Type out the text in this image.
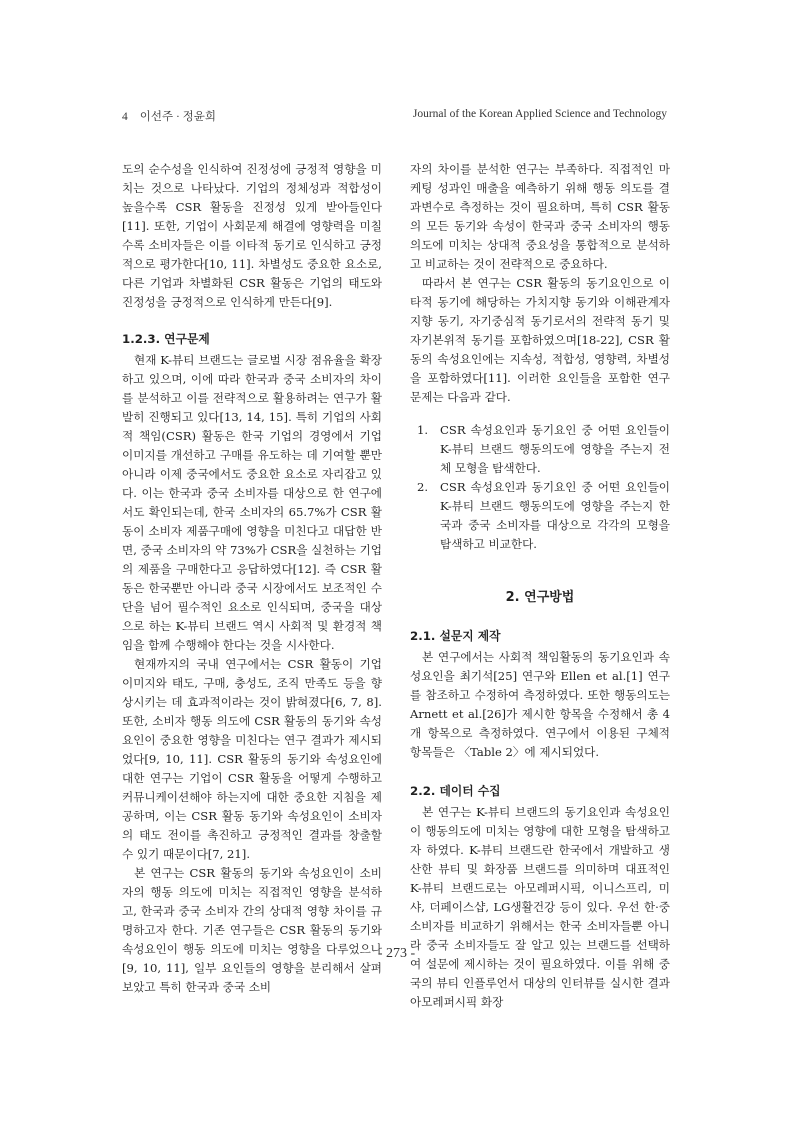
4 이선주 · 정윤희	Journal of the Korean Applied Science and Technology

도의 순수성을 인식하여 진정성에 긍정적 영향을 미치는 것으로 나타났다. 기업의 정체성과 적합성이 높을수록 CSR 활동을 진정성 있게 받아들인다[11]. 또한, 기업이 사회문제 해결에 영향력을 미칠수록 소비자들은 이를 이타적 동기로 인식하고 긍정적으로 평가한다[10, 11]. 차별성도 중요한 요소로, 다른 기업과 차별화된 CSR 활동은 기업의 태도와 진정성을 긍정적으로 인식하게 만든다[9].

1.2.3. 연구문제

현재 K-뷰티 브랜드는 글로벌 시장 점유율을 확장하고 있으며, 이에 따라 한국과 중국 소비자의 차이를 분석하고 이를 전략적으로 활용하려는 연구가 활발히 진행되고 있다[13, 14, 15]. 특히 기업의 사회적 책임(CSR) 활동은 한국 기업의 경영에서 기업 이미지를 개선하고 구매를 유도하는 데 기여할 뿐만 아니라 이제 중국에서도 중요한 요소로 자리잡고 있다. 이는 한국과 중국 소비자를 대상으로 한 연구에서도 확인되는데, 한국 소비자의 65.7%가 CSR 활동이 소비자 제품구매에 영향을 미친다고 대답한 반면, 중국 소비자의 약 73%가 CSR을 실천하는 기업의 제품을 구매한다고 응답하였다[12]. 즉 CSR 활동은 한국뿐만 아니라 중국 시장에서도 보조적인 수단을 넘어 필수적인 요소로 인식되며, 중국을 대상으로 하는 K-뷰티 브랜드 역시 사회적 및 환경적 책임을 함께 수행해야 한다는 것을 시사한다.

현재까지의 국내 연구에서는 CSR 활동이 기업 이미지와 태도, 구매, 충성도, 조직 만족도 등을 향상시키는 데 효과적이라는 것이 밝혀졌다[6, 7, 8]. 또한, 소비자 행동 의도에 CSR 활동의 동기와 속성요인이 중요한 영향을 미친다는 연구 결과가 제시되었다[9, 10, 11]. CSR 활동의 동기와 속성요인에 대한 연구는 기업이 CSR 활동을 어떻게 수행하고 커뮤니케이션해야 하는지에 대한 중요한 지침을 제공하며, 이는 CSR 활동 동기와 속성요인이 소비자의 태도 전이를 촉진하고 긍정적인 결과를 창출할 수 있기 때문이다[7, 21].

본 연구는 CSR 활동의 동기와 속성요인이 소비자의 행동 의도에 미치는 직접적인 영향을 분석하고, 한국과 중국 소비자 간의 상대적 영향 차이를 규명하고자 한다. 기존 연구들은 CSR 활동의 동기와 속성요인이 행동 의도에 미치는 영향을 다루었으나[9, 10, 11], 일부 요인들의 영향을 분리해서 살펴보았고 특히 한국과 중국 소비

자의 차이를 분석한 연구는 부족하다. 직접적인 마케팅 성과인 매출을 예측하기 위해 행동 의도를 결과변수로 측정하는 것이 필요하며, 특히 CSR 활동의 모든 동기와 속성이 한국과 중국 소비자의 행동 의도에 미치는 상대적 중요성을 통합적으로 분석하고 비교하는 것이 전략적으로 중요하다.

따라서 본 연구는 CSR 활동의 동기요인으로 이타적 동기에 해당하는 가치지향 동기와 이해관계자지향 동기, 자기중심적 동기로서의 전략적 동기 및 자기본위적 동기를 포함하였으며[18-22], CSR 활동의 속성요인에는 지속성, 적합성, 영향력, 차별성을 포함하였다[11]. 이러한 요인들을 포함한 연구 문제는 다음과 같다.

1.	CSR 속성요인과 동기요인 중 어떤 요인들이 K-뷰티 브랜드 행동의도에 영향을 주는지 전체 모형을 탐색한다.
2.	CSR 속성요인과 동기요인 중 어떤 요인들이 K-뷰티 브랜드 행동의도에 영향을 주는지 한국과 중국 소비자를 대상으로 각각의 모형을 탐색하고 비교한다.
2. 연구방법
2.1. 설문지 제작

본 연구에서는 사회적 책임활동의 동기요인과 속성요인을 최기석[25] 연구와 Ellen et al.[1] 연구를 참조하고 수정하여 측정하였다. 또한 행동의도는 Arnett et al.[26]가 제시한 항목을 수정해서 총 4개 항목으로 측정하였다. 연구에서 이용된 구체적 항목들은 〈Table 2〉에 제시되었다.

2.2. 데이터 수집

본 연구는 K-뷰티 브랜드의 동기요인과 속성요인이 행동의도에 미치는 영향에 대한 모형을 탐색하고자 하였다. K-뷰티 브랜드란 한국에서 개발하고 생산한 뷰티 및 화장품 브랜드를 의미하며 대표적인 K-뷰티 브랜드로는 아모레퍼시픽, 이니스프리, 미샤, 더페이스샵, LG생활건강 등이 있다. 우선 한·중 소비자를 비교하기 위해서는 한국 소비자들뿐 아니라 중국 소비자들도 잘 알고 있는 브랜드를 선택하여 설문에 제시하는 것이 필요하였다. 이를 위해 중국의 뷰티 인플루언서 대상의 인터뷰를 실시한 결과 아모레퍼시픽 화장

- 273 -
